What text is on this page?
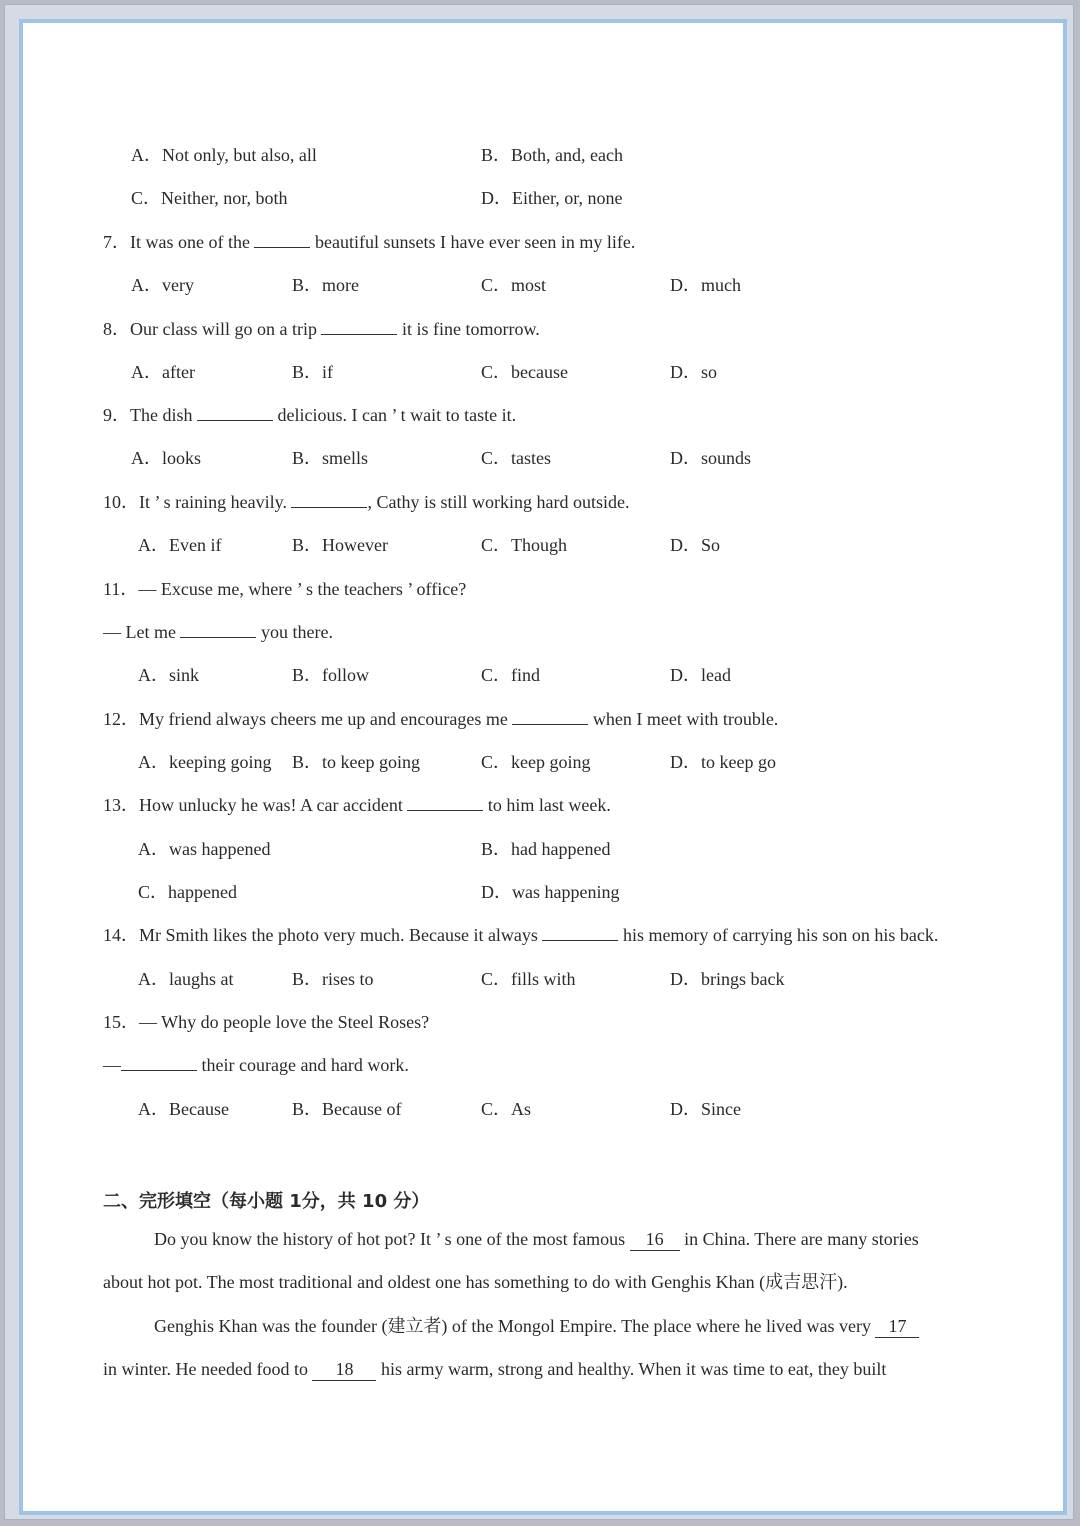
A．Not only, but also, all	B．Both, and, each
C．Neither, nor, both	D．Either, or, none
7．It was one of the	beautiful sunsets I have ever seen in my life.
A．very	B．more	C．most	D．much
8．Our class will go on a trip	it is fine tomorrow.
A．after	B．if	C．because	D．so
9．The dish	delicious. I can ’ t wait to taste it.
A．looks	B．smells	C．tastes	D．sounds
10．It ’ s raining heavily.	, Cathy is still working hard outside.
A．Even if	B．However	C．Though	D．So
11．— Excuse me, where ’ s the teachers ’ office?
— Let me	you there.
A．sink	B．follow	C．find	D．lead
12．My friend always cheers me up and encourages me	when I meet with trouble.
A．keeping going B．to keep going	C．keep going	D．to keep go
13．How unlucky he was! A car accident	to him last week.
A．was happened	B．had happened
C．happened	D．was happening
14．Mr Smith likes the photo very much. Because it always	his memory of carrying his son on his back.
A．laughs at	B．rises to	C．fills with	D．brings back
15．— Why do people love the Steel Roses?
—	their courage and hard work.
A．Because	B．Because of	C．As	D．Since
二、完形填空（每小题 1分，共 10 分）
Do you know the history of hot pot? It ’ s one of the most famous 16 in China. There are many stories
about hot pot. The most traditional and oldest one has something to do with Genghis Khan (成吉思汗).
Genghis Khan was the founder (建立者) of the Mongol Empire. The place where he lived was very 17
in winter. He needed food to 18 his army warm, strong and healthy. When it was time to eat, they built
